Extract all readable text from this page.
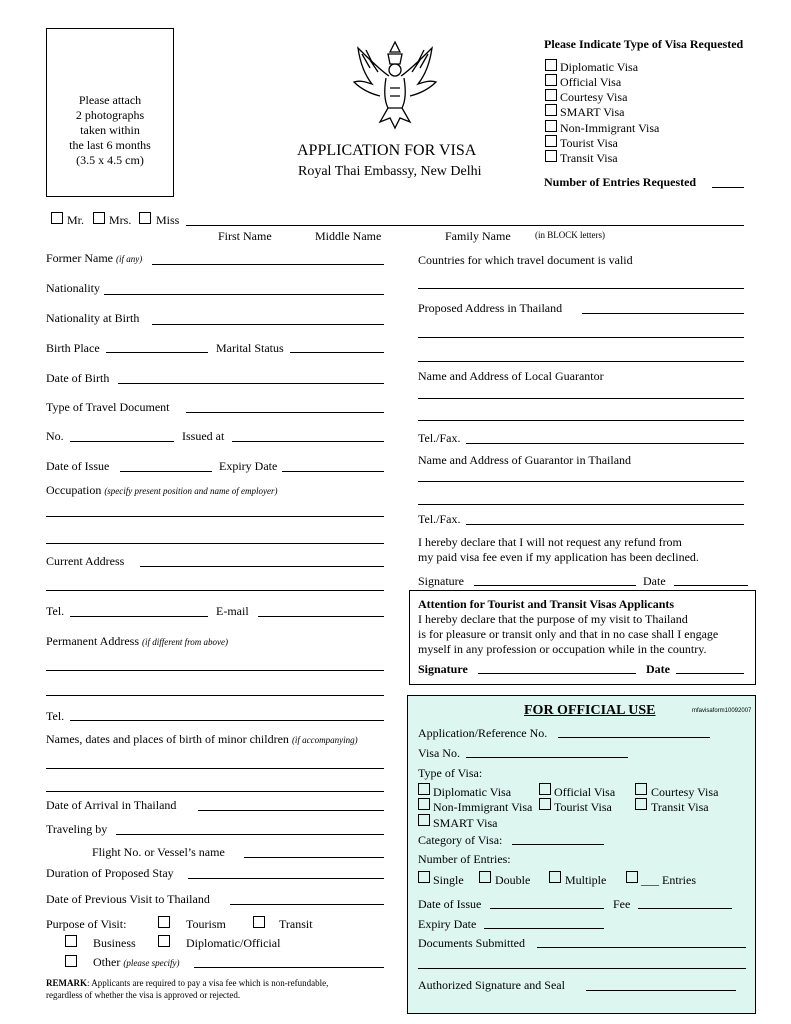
Please attach
2 photographs
taken within
the last 6 months
(3.5 x 4.5 cm)
APPLICATION FOR VISA
Royal Thai Embassy, New Delhi
Please Indicate Type of Visa Requested
Diplomatic Visa
Official Visa
Courtesy Visa
SMART Visa
Non-Immigrant Visa
Tourist Visa
Transit Visa
Number of Entries Requested
Mr. Mrs. Miss
First Name	Middle Name	Family Name	(in BLOCK letters)
Former Name (if any)
Nationality
Nationality at Birth
Birth Place	Marital Status
Date of Birth
Type of Travel Document
No.	Issued at
Date of Issue	Expiry Date
Occupation (specify present position and name of employer)
Current Address
Tel.	E-mail
Permanent Address (if different from above)
Tel.
Names, dates and places of birth of minor children (if accompanying)
Date of Arrival in Thailand
Traveling by
Flight No. or Vessel’s name
Duration of Proposed Stay
Date of Previous Visit to Thailand
Purpose of Visit:	Tourism	Transit
Business	Diplomatic/Official
Other (please specify)
REMARK: Applicants are required to pay a visa fee which is non-refundable,
regardless of whether the visa is approved or rejected.
Countries for which travel document is valid
Proposed Address in Thailand
Name and Address of Local Guarantor
Tel./Fax.
Name and Address of Guarantor in Thailand
Tel./Fax.
I hereby declare that I will not request any refund from
my paid visa fee even if my application has been declined.
Signature	Date
Attention for Tourist and Transit Visas Applicants
I hereby declare that the purpose of my visit to Thailand
is for pleasure or transit only and that in no case shall I engage
myself in any profession or occupation while in the country.
Signature	Date
FOR OFFICIAL USE	mfavisaform10092007
Application/Reference No.
Visa No.
Type of Visa:
Diplomatic Visa	Official Visa	Courtesy Visa
Non-Immigrant Visa Tourist Visa	Transit Visa
SMART Visa
Category of Visa:
Number of Entries:
Single	Double	Multiple	___ Entries
Date of Issue	Fee
Expiry Date
Documents Submitted
Authorized Signature and Seal
